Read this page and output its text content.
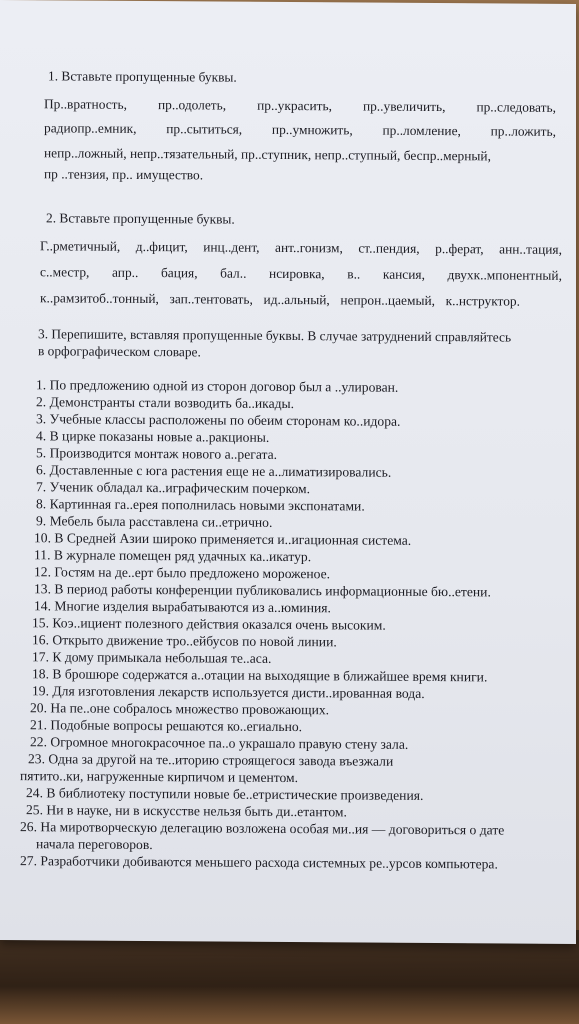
1. Вставьте пропущенные буквы.
Пр..вратность, пр..одолеть, пр..украсить, пр..увеличить, пр..следовать,
радиопр..емник, пр..сытиться, пр..умножить, пр..ломление, пр..ложить,
непр..ложный, непр..тязательный, пр..ступник, непр..ступный, беспр..мерный,
пр ..тензия, пр.. имущество.
2. Вставьте пропущенные буквы.
Г..рметичный, д..фицит, инц..дент, ант..гонизм, ст..пендия, р..ферат, анн..тация,
с..местр, апр.. бация, бал.. нсировка, в.. кансия, двухк..мпонентный,
к..рамзитоб..тонный, зап..тентовать, ид..альный, непрон..цаемый, к..нструктор.
3. Перепишите, вставляя пропущенные буквы. В случае затруднений справляйтесь
в орфографическом словаре.
1. По предложению одной из сторон договор был а ..улирован.
2. Демонстранты стали возводить ба..икады.
3. Учебные классы расположены по обеим сторонам ко..идора.
4. В цирке показаны новые а..ракционы.
5. Производится монтаж нового а..регата.
6. Доставленные с юга растения еще не а..лиматизировались.
7. Ученик обладал ка..играфическим почерком.
8. Картинная га..ерея пополнилась новыми экспонатами.
9. Мебель была расставлена си..етрично.
10. В Средней Азии широко применяется и..игационная система.
11. В журнале помещен ряд удачных ка..икатур.
12. Гостям на де..ерт было предложено мороженое.
13. В период работы конференции публиковались информационные бю..етени.
14. Многие изделия вырабатываются из а..юминия.
15. Коэ..ициент полезного действия оказался очень высоким.
16. Открыто движение тро..ейбусов по новой линии.
17. К дому примыкала небольшая те..аса.
18. В брошюре содержатся а..отации на выходящие в ближайшее время книги.
19. Для изготовления лекарств используется дисти..ированная вода.
20. На пе..оне собралось множество провожающих.
21. Подобные вопросы решаются ко..егиально.
22. Огромное многокрасочное па..о украшало правую стену зала.
23. Одна за другой на те..иторию строящегося завода въезжали
пятито..ки, нагруженные кирпичом и цементом.
24. В библиотеку поступили новые бе..етристические произведения.
25. Ни в науке, ни в искусстве нельзя быть ди..етантом.
26. На миротворческую делегацию возложена особая ми..ия — договориться о дате
начала переговоров.
27. Разработчики добиваются меньшего расхода системных ре..урсов компьютера.
